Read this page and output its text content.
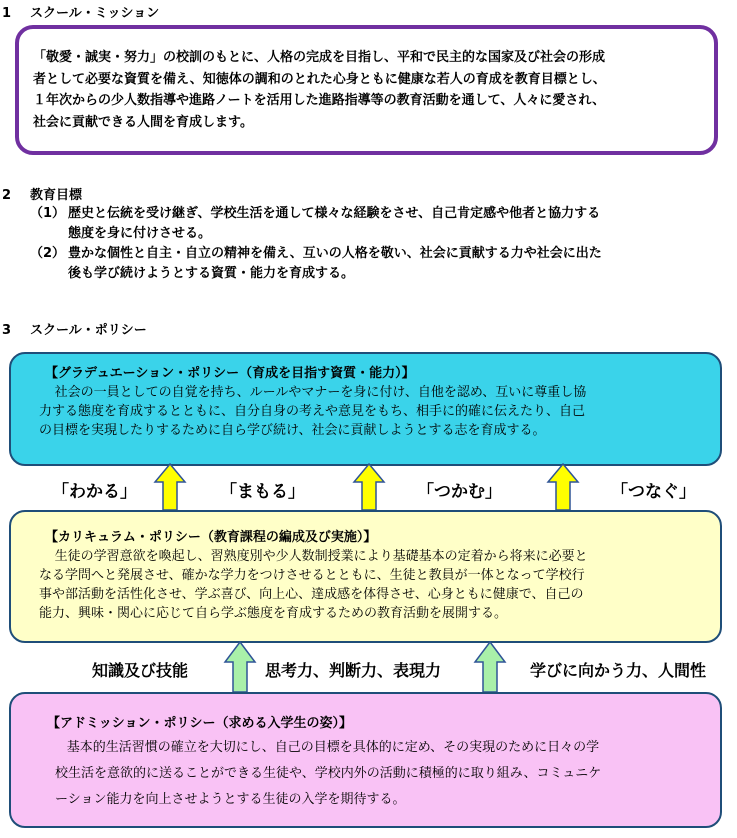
1 スクール・ミッション

「敬愛・誠実・努力」の校訓のもとに、人格の完成を目指し、平和で民主的な国家及び社会の形成

者として必要な資質を備え、知徳体の調和のとれた心身ともに健康な若人の育成を教育目標とし、

１年次からの少人数指導や進路ノートを活用した進路指導等の教育活動を通して、人々に愛され、

社会に貢献できる人間を育成します。

2 教育目標
（1） 歴史と伝統を受け継ぎ、学校生活を通して様々な経験をさせ、自己肯定感や他者と協力する
態度を身に付けさせる。
（2） 豊かな個性と自主・自立の精神を備え、互いの人格を敬い、社会に貢献する力や社会に出た
後も学び続けようとする資質・能力を育成する。
3 スクール・ポリシー
【グラデュエーション・ポリシー（育成を目指す資質・能力）】
社会の一員としての自覚を持ち、ルールやマナーを身に付け、自他を認め、互いに尊重し協
力する態度を育成するとともに、自分自身の考えや意見をもち、相手に的確に伝えたり、自己
の目標を実現したりするために自ら学び続け、社会に貢献しようとする志を育成する。
「わかる」	「まもる」	「つかむ」	「つなぐ」
【カリキュラム・ポリシー（教育課程の編成及び実施）】
生徒の学習意欲を喚起し、習熟度別や少人数制授業により基礎基本の定着から将来に必要と
なる学問へと発展させ、確かな学力をつけさせるとともに、生徒と教員が一体となって学校行
事や部活動を活性化させ、学ぶ喜び、向上心、達成感を体得させ、心身ともに健康で、自己の
能力、興味・関心に応じて自ら学ぶ態度を育成するための教育活動を展開する。
知識及び技能	思考力、判断力、表現力	学びに向かう力、人間性
【アドミッション・ポリシー（求める入学生の姿）】
基本的生活習慣の確立を大切にし、自己の目標を具体的に定め、その実現のために日々の学
校生活を意欲的に送ることができる生徒や、学校内外の活動に積極的に取り組み、コミュニケ
ーション能力を向上させようとする生徒の入学を期待する。
